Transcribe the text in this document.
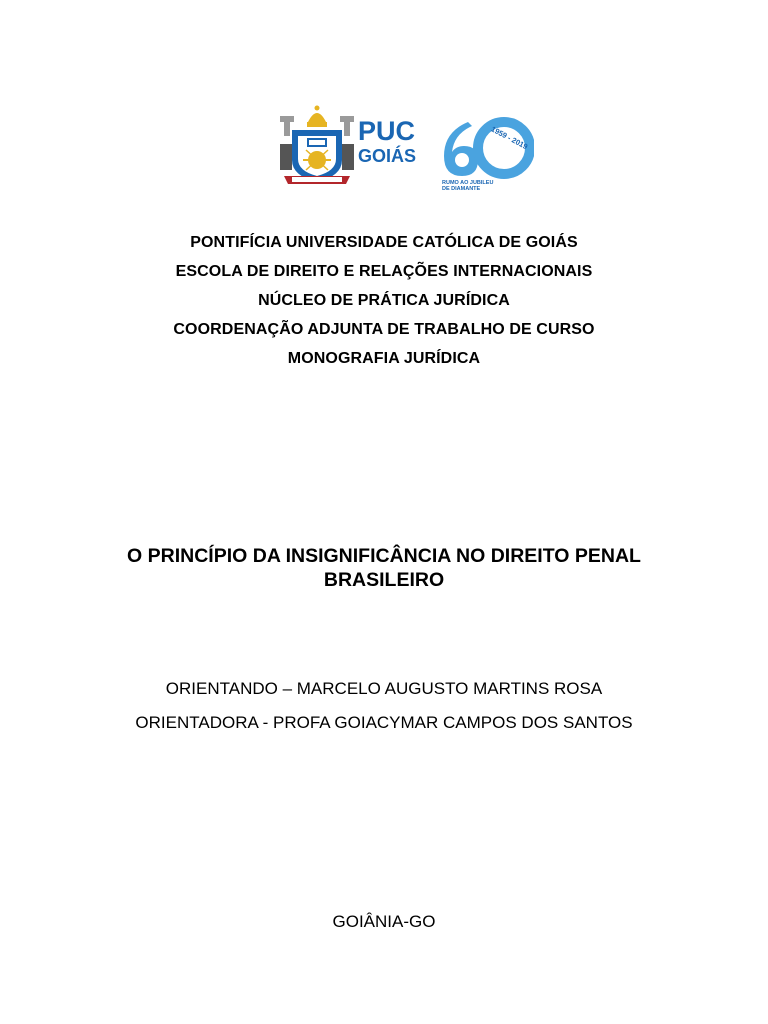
PUC
GOIÁS
1959 - 2019
RUMO AO JUBILEU
DE DIAMANTE
PONTIFÍCIA UNIVERSIDADE CATÓLICA DE GOIÁS
ESCOLA DE DIREITO E RELAÇÕES INTERNACIONAIS
NÚCLEO DE PRÁTICA JURÍDICA
COORDENAÇÃO ADJUNTA DE TRABALHO DE CURSO
MONOGRAFIA JURÍDICA
O PRINCÍPIO DA INSIGNIFICÂNCIA NO DIREITO PENAL
BRASILEIRO
ORIENTANDO – MARCELO AUGUSTO MARTINS ROSA
ORIENTADORA - PROFA GOIACYMAR CAMPOS DOS SANTOS
GOIÂNIA-GO
